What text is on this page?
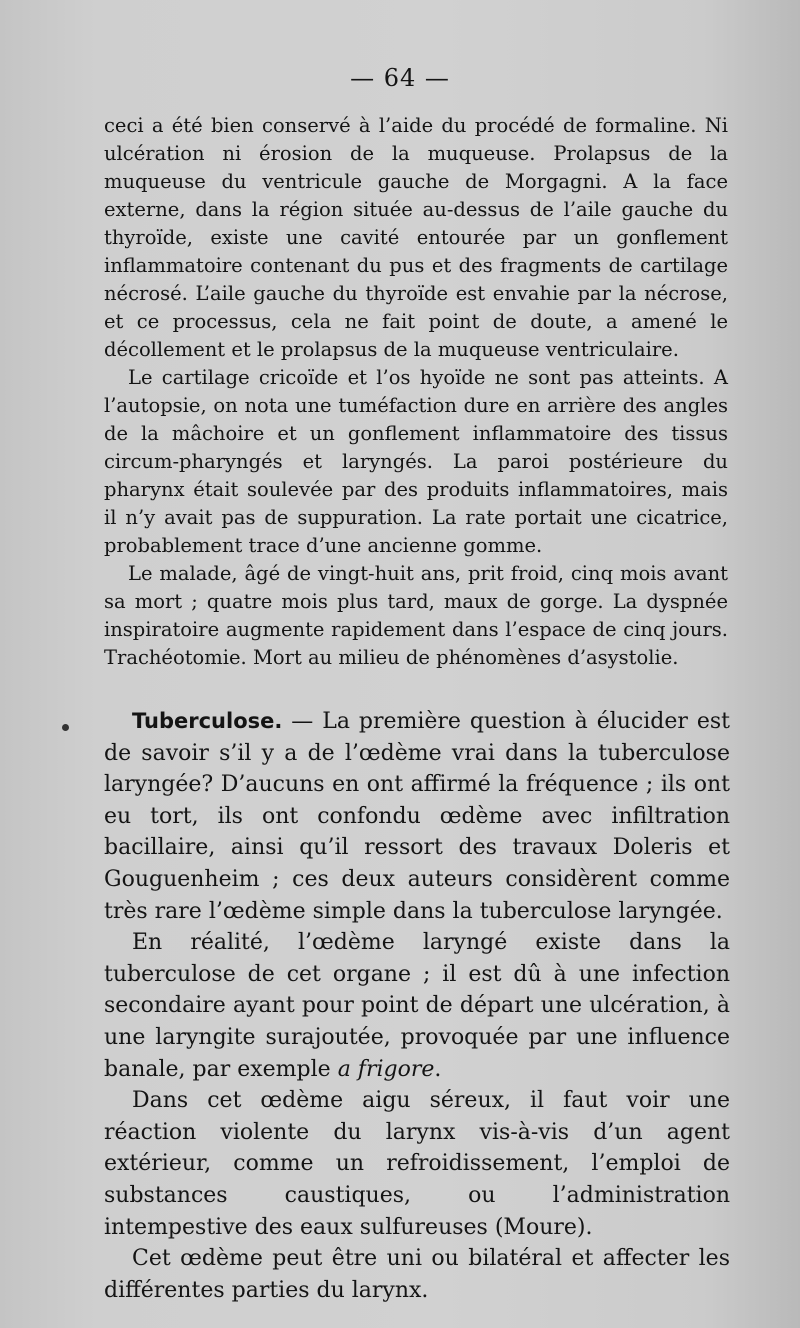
— 64 —

ceci a été bien conservé à l’aide du procédé de formaline. Ni ulcération ni érosion de la muqueuse. Prolapsus de la muqueuse du ventricule gauche de Morgagni. A la face externe, dans la région située au-dessus de l’aile gauche du thyroïde, existe une cavité entourée par un gonflement inflammatoire contenant du pus et des fragments de cartilage nécrosé. L’aile gauche du thyroïde est envahie par la nécrose, et ce processus, cela ne fait point de doute, a amené le décollement et le prolapsus de la muqueuse ventriculaire.

Le cartilage cricoïde et l’os hyoïde ne sont pas atteints. A l’autopsie, on nota une tuméfaction dure en arrière des angles de la mâchoire et un gonflement inflammatoire des tissus circum-pharyngés et laryngés. La paroi postérieure du pharynx était soulevée par des produits inflammatoires, mais il n’y avait pas de suppuration. La rate portait une cicatrice, probablement trace d’une ancienne gomme.

Le malade, âgé de vingt-huit ans, prit froid, cinq mois avant sa mort ; quatre mois plus tard, maux de gorge. La dyspnée inspiratoire augmente rapidement dans l’espace de cinq jours. Trachéotomie. Mort au milieu de phénomènes d’asystolie.

Tuberculose. — La première question à élucider est de savoir s’il y a de l’œdème vrai dans la tuberculose laryngée? D’aucuns en ont affirmé la fréquence ; ils ont eu tort, ils ont confondu œdème avec infiltration bacillaire, ainsi qu’il ressort des travaux Doleris et Gouguenheim ; ces deux auteurs considèrent comme très rare l’œdème simple dans la tuberculose laryngée.

En réalité, l’œdème laryngé existe dans la tuberculose de cet organe ; il est dû à une infection secondaire ayant pour point de départ une ulcération, à une laryngite surajoutée, provoquée par une influence banale, par exemple a frigore.

Dans cet œdème aigu séreux, il faut voir une réaction violente du larynx vis-à-vis d’un agent extérieur, comme un refroidissement, l’emploi de substances caustiques, ou l’administration intempestive des eaux sulfureuses (Moure).

Cet œdème peut être uni ou bilatéral et affecter les différentes parties du larynx.
